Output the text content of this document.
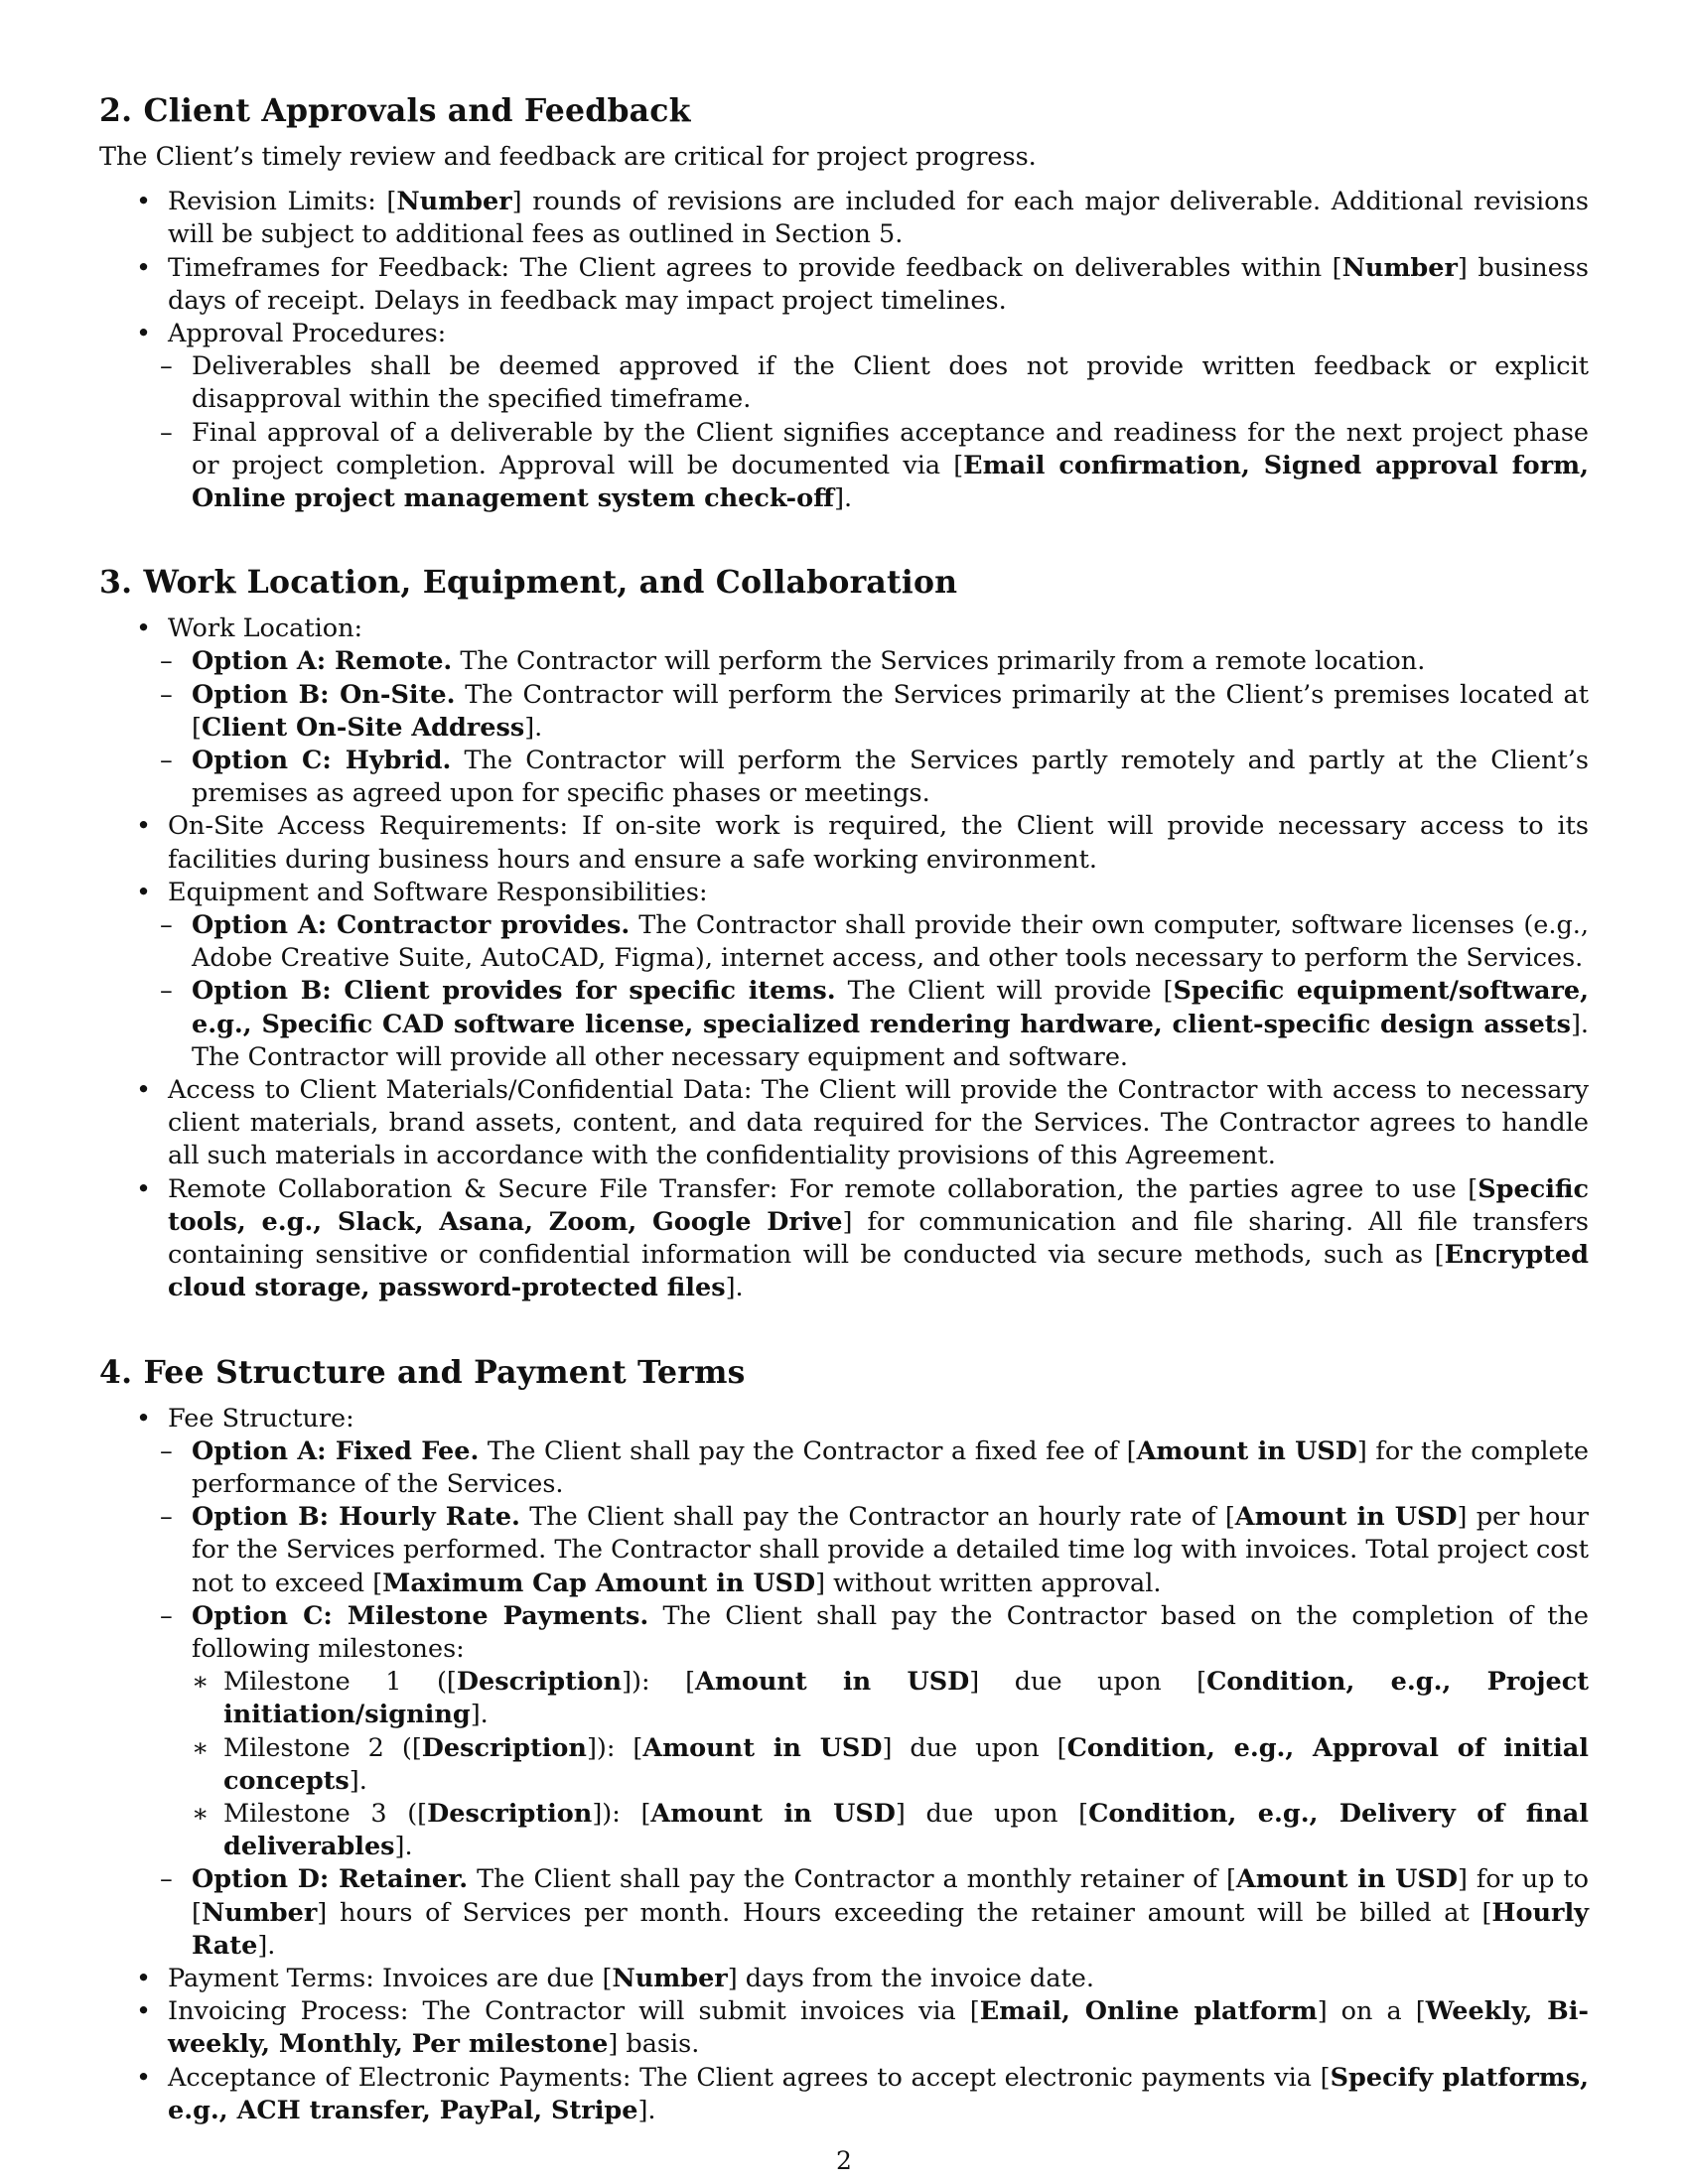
2. Client Approvals and Feedback

The Client’s timely review and feedback are critical for project progress.

• Revision Limits: [Number] rounds of revisions are included for each major deliverable. Additional revisions will be subject to additional fees as outlined in Section 5.
• Timeframes for Feedback: The Client agrees to provide feedback on deliverables within [Number] business days of receipt. Delays in feedback may impact project timelines.
• Approval Procedures:
– Deliverables shall be deemed approved if the Client does not provide written feedback or explicit disapproval within the specified timeframe.
– Final approval of a deliverable by the Client signifies acceptance and readiness for the next project phase or project completion. Approval will be documented via [Email confirmation, Signed approval form, Online project management system check-off].
3. Work Location, Equipment, and Collaboration
• Work Location:
– Option A: Remote. The Contractor will perform the Services primarily from a remote location.
– Option B: On-Site. The Contractor will perform the Services primarily at the Client’s premises located at [Client On-Site Address].
– Option C: Hybrid. The Contractor will perform the Services partly remotely and partly at the Client’s premises as agreed upon for specific phases or meetings.
• On-Site Access Requirements: If on-site work is required, the Client will provide necessary access to its facilities during business hours and ensure a safe working environment.
• Equipment and Software Responsibilities:
– Option A: Contractor provides. The Contractor shall provide their own computer, software licenses (e.g., Adobe Creative Suite, AutoCAD, Figma), internet access, and other tools necessary to perform the Services.
– Option B: Client provides for specific items. The Client will provide [Specific equipment/software, e.g., Specific CAD software license, specialized rendering hardware, client-specific design assets]. The Contractor will provide all other necessary equipment and software.
• Access to Client Materials/Confidential Data: The Client will provide the Contractor with access to necessary client materials, brand assets, content, and data required for the Services. The Contractor agrees to handle all such materials in accordance with the confidentiality provisions of this Agreement.
• Remote Collaboration & Secure File Transfer: For remote collaboration, the parties agree to use [Specific tools, e.g., Slack, Asana, Zoom, Google Drive] for communication and file sharing. All file transfers containing sensitive or confidential information will be conducted via secure methods, such as [Encrypted cloud storage, password-protected files].
4. Fee Structure and Payment Terms
• Fee Structure:
– Option A: Fixed Fee. The Client shall pay the Contractor a fixed fee of [Amount in USD] for the complete performance of the Services.
– Option B: Hourly Rate. The Client shall pay the Contractor an hourly rate of [Amount in USD] per hour for the Services performed. The Contractor shall provide a detailed time log with invoices. Total project cost not to exceed [Maximum Cap Amount in USD] without written approval.
– Option C: Milestone Payments. The Client shall pay the Contractor based on the completion of the following milestones:
∗ Milestone 1 ([Description]): [Amount in USD] due upon [Condition, e.g., Project initiation/signing].
∗ Milestone 2 ([Description]): [Amount in USD] due upon [Condition, e.g., Approval of initial concepts].
∗ Milestone 3 ([Description]): [Amount in USD] due upon [Condition, e.g., Delivery of final deliverables].
– Option D: Retainer. The Client shall pay the Contractor a monthly retainer of [Amount in USD] for up to [Number] hours of Services per month. Hours exceeding the retainer amount will be billed at [Hourly Rate].
• Payment Terms: Invoices are due [Number] days from the invoice date.
• Invoicing Process: The Contractor will submit invoices via [Email, Online platform] on a [Weekly, Bi-weekly, Monthly, Per milestone] basis.
• Acceptance of Electronic Payments: The Client agrees to accept electronic payments via [Specify platforms, e.g., ACH transfer, PayPal, Stripe].
2
